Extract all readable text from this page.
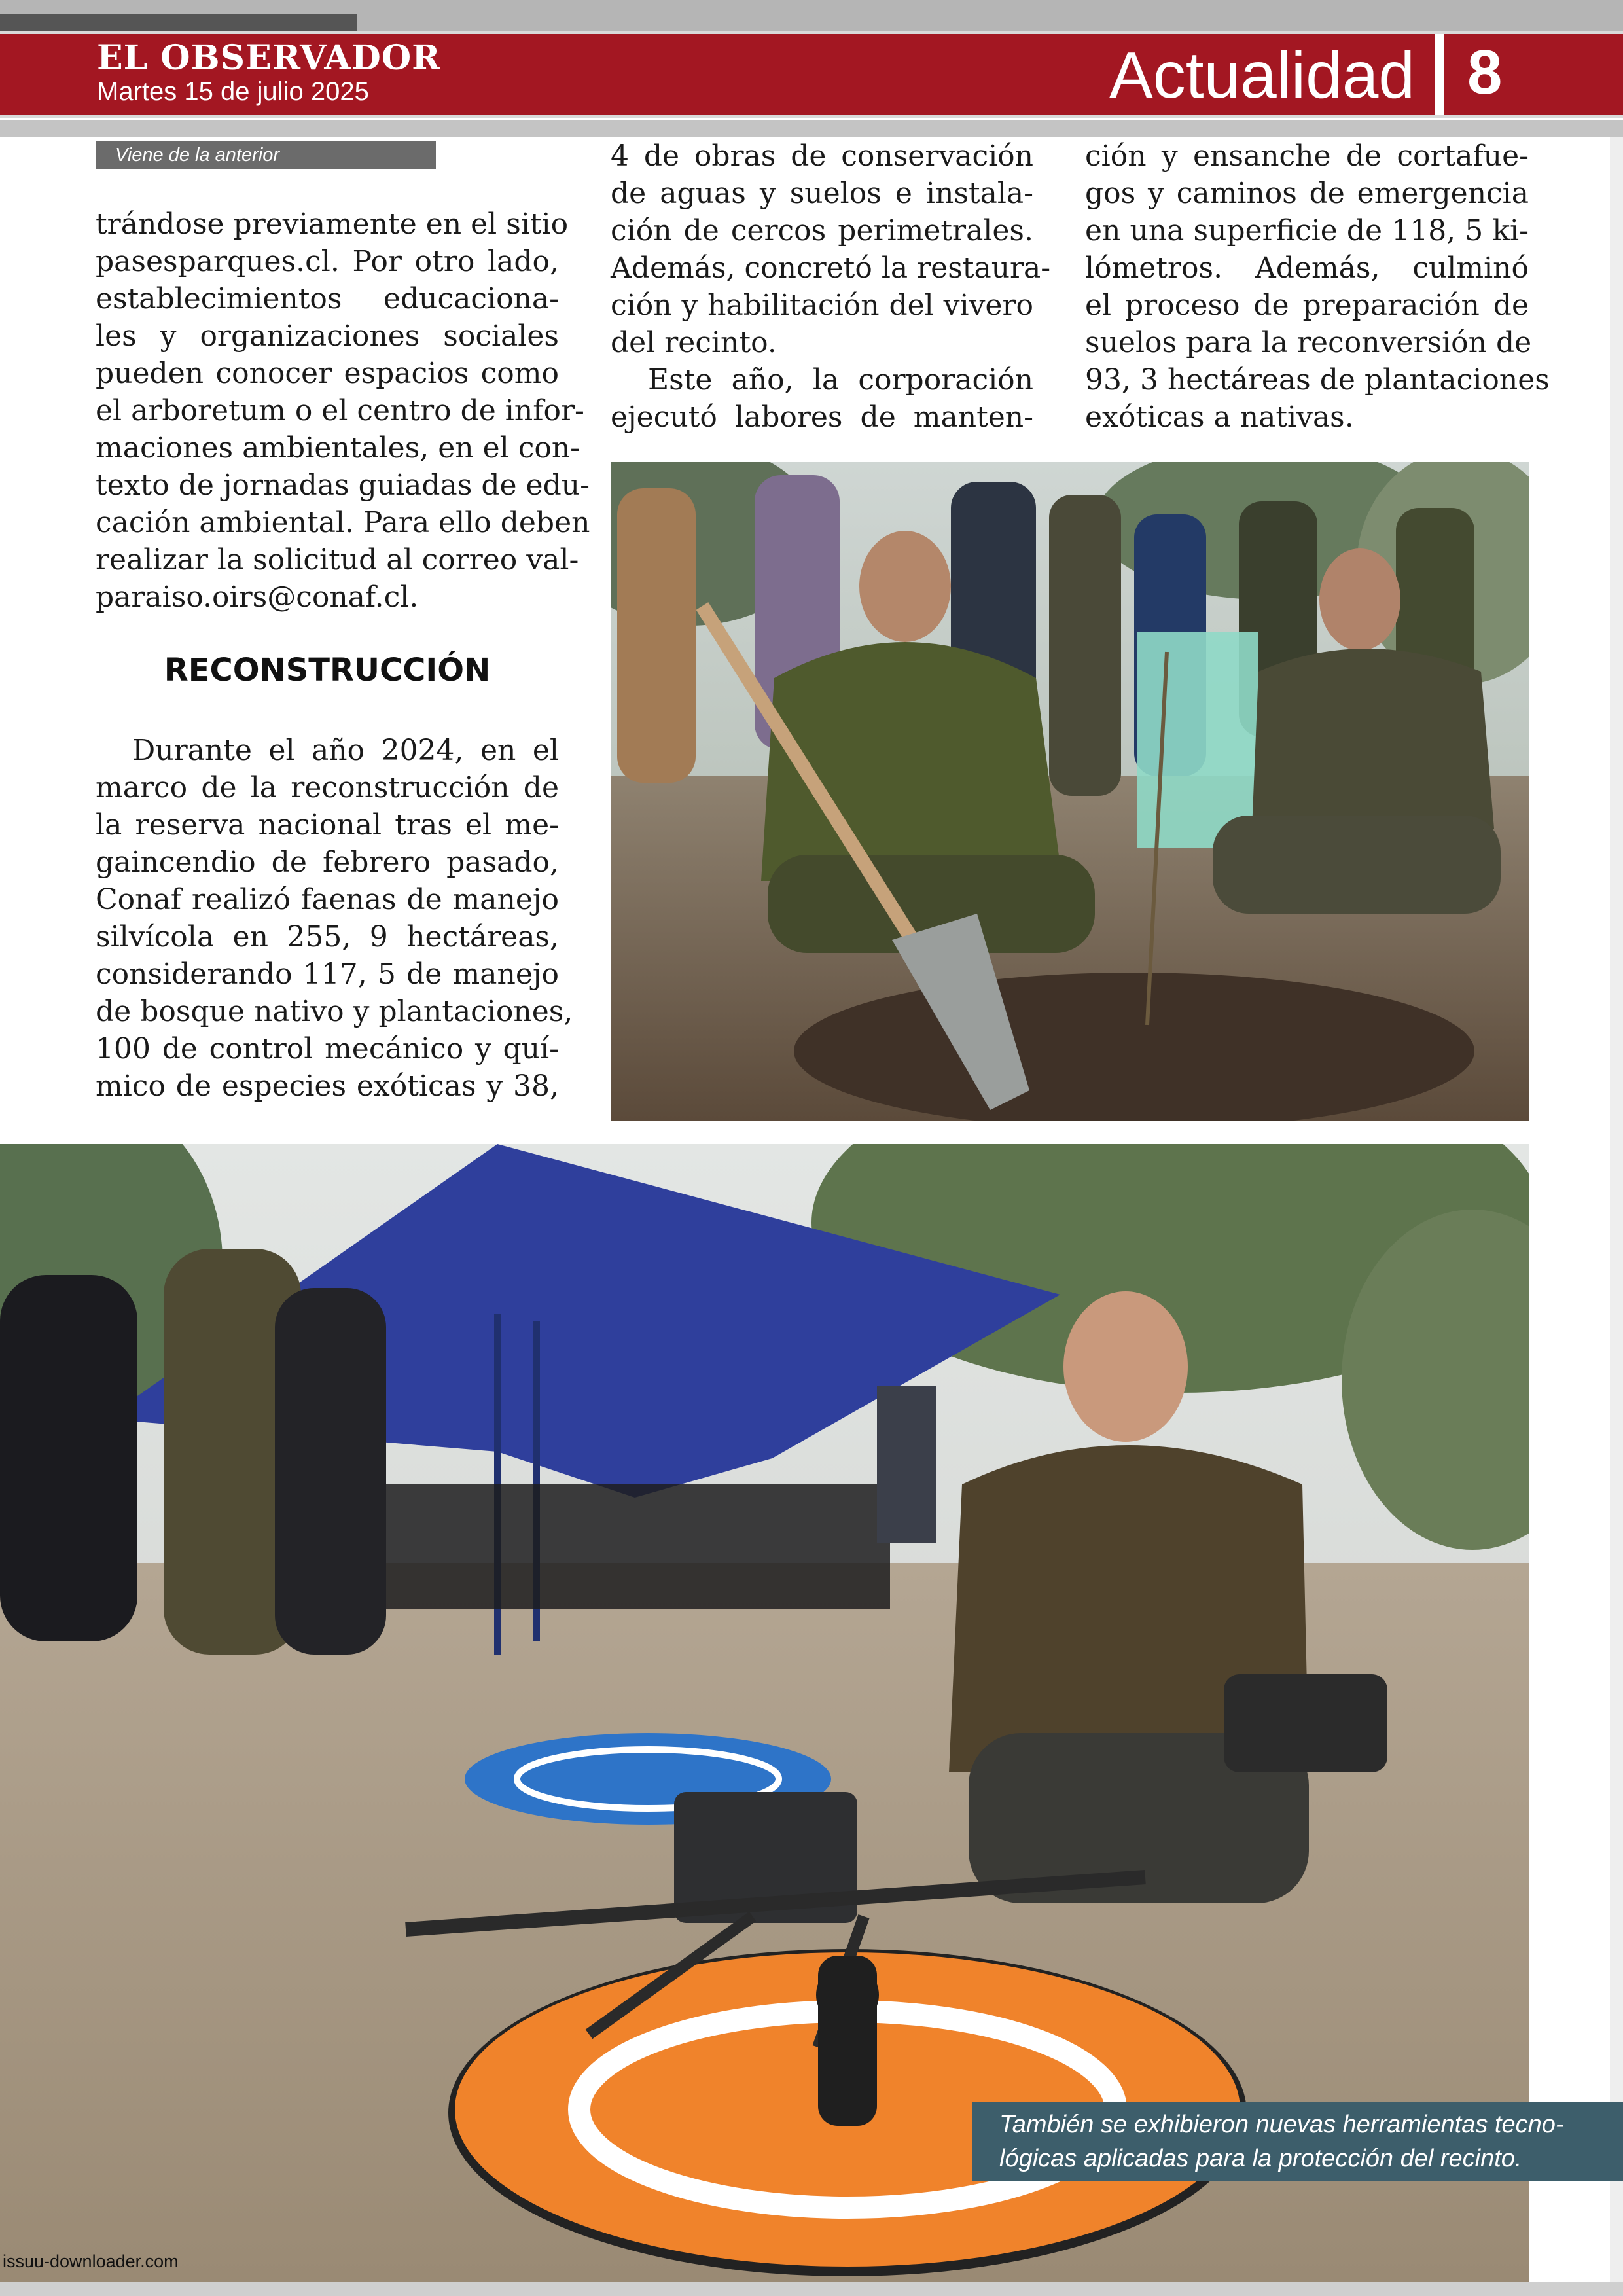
EL OBSERVADOR
Martes 15 de julio 2025	Actualidad 8
Viene de la anterior
trándose previamente en el sitio
pasesparques.cl. Por otro lado,
establecimientos educaciona-
les y organizaciones sociales
pueden conocer espacios como
el arboretum o el centro de infor-
maciones ambientales, en el con-
texto de jornadas guiadas de edu-
cación ambiental. Para ello deben
realizar la solicitud al correo val-
paraiso.oirs@conaf.cl.
RECONSTRUCCIÓN
Durante el año 2024, en el
marco de la reconstrucción de
la reserva nacional tras el me-
gaincendio de febrero pasado,
Conaf realizó faenas de manejo
silvícola en 255, 9 hectáreas,
considerando 117, 5 de manejo
de bosque nativo y plantaciones,
100 de control mecánico y quí-
mico de especies exóticas y 38,
4 de obras de conservación
de aguas y suelos e instala-
ción de cercos perimetrales.
Además, concretó la restaura-
ción y habilitación del vivero
del recinto.
Este año, la corporación
ejecutó labores de manten-
ción y ensanche de cortafue-
gos y caminos de emergencia
en una superficie de 118, 5 ki-
lómetros. Además, culminó
el proceso de preparación de
suelos para la reconversión de
93, 3 hectáreas de plantaciones
exóticas a nativas.
También se exhibieron nuevas herramientas tecno-
lógicas aplicadas para la protección del recinto.
issuu-downloader.com
